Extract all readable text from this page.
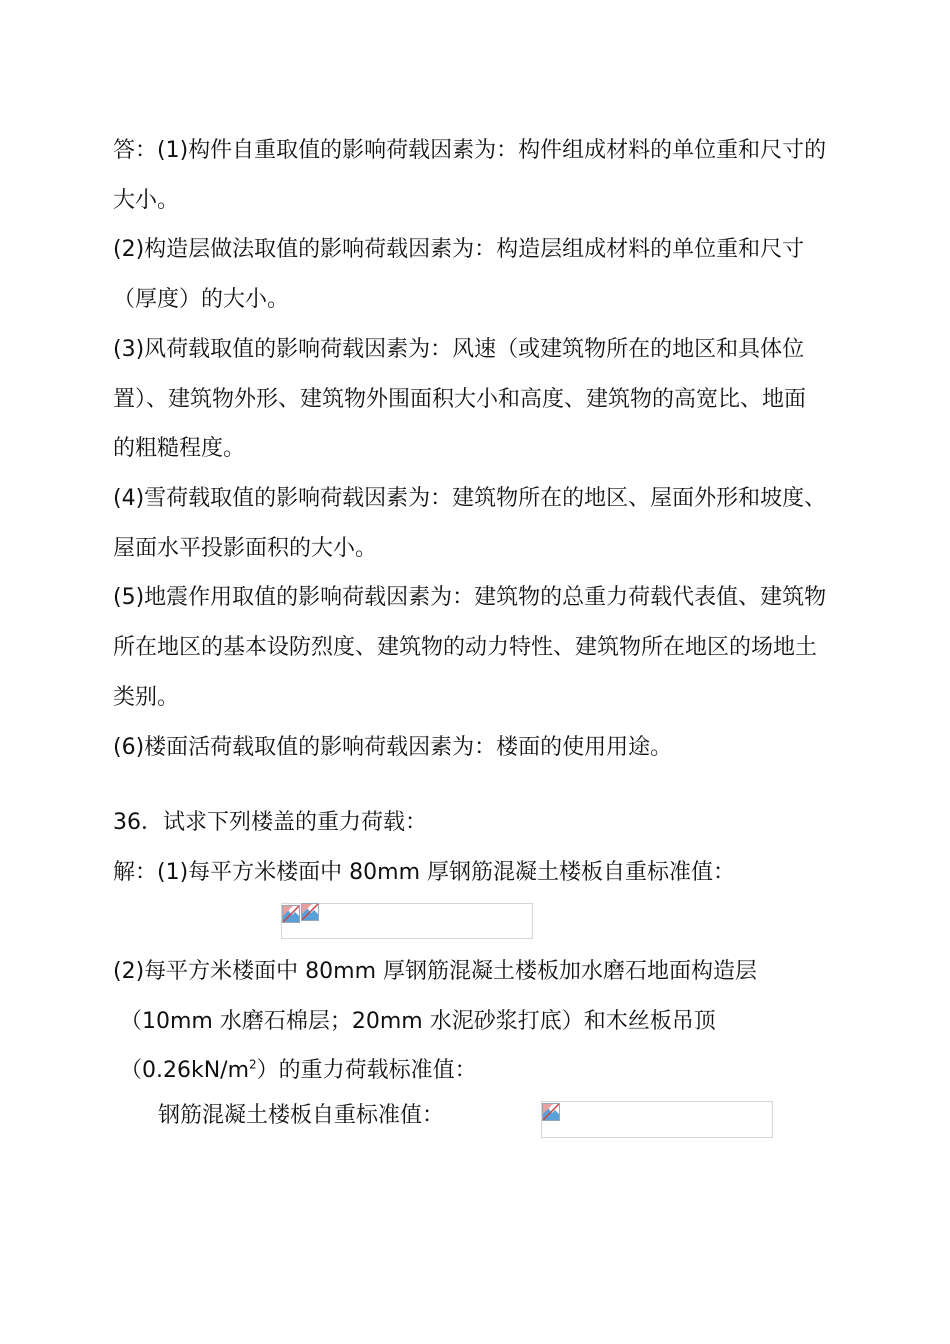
答：(1)构件自重取值的影响荷载因素为：构件组成材料的单位重和尺寸的
大小。
(2)构造层做法取值的影响荷载因素为：构造层组成材料的单位重和尺寸
（厚度）的大小。
(3)风荷载取值的影响荷载因素为：风速（或建筑物所在的地区和具体位
置）、建筑物外形、建筑物外围面积大小和高度、建筑物的高宽比、地面
的粗糙程度。
(4)雪荷载取值的影响荷载因素为：建筑物所在的地区、屋面外形和坡度、
屋面水平投影面积的大小。
(5)地震作用取值的影响荷载因素为：建筑物的总重力荷载代表值、建筑物
所在地区的基本设防烈度、建筑物的动力特性、建筑物所在地区的场地土
类别。
(6)楼面活荷载取值的影响荷载因素为：楼面的使用用途。
36．试求下列楼盖的重力荷载：
解：(1)每平方米楼面中 80mm 厚钢筋混凝土楼板自重标准值：
(2)每平方米楼面中 80mm 厚钢筋混凝土楼板加水磨石地面构造层
（10mm 水磨石棉层；20mm 水泥砂浆打底）和木丝板吊顶
$(0.26kN/m^2)$的重力荷载标准值：
钢筋混凝土楼板自重标准值：
